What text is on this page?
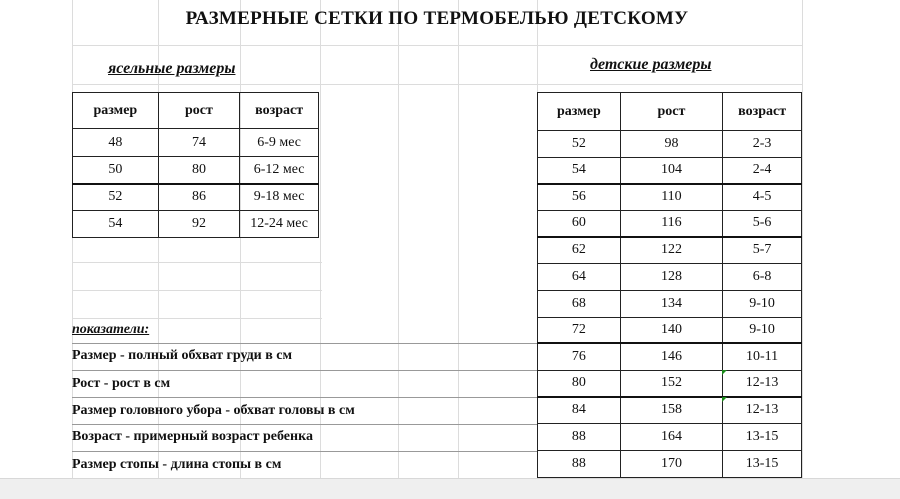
РАЗМЕРНЫЕ СЕТКИ ПО ТЕРМОБЕЛЬЮ ДЕТСКОМУ
ясельные размеры	детские размеры
размер	рост	возраст
48	74	6-9 мес
50	80	6-12 мес
52	86	9-18 мес
54	92	12-24 мес
размер	рост	возраст
52	98	2-3
54	104	2-4
56	110	4-5
60	116	5-6
62	122	5-7
64	128	6-8
68	134	9-10
72	140	9-10
76	146	10-11
80	152	12-13
84	158	12-13
88	164	13-15
88	170	13-15
показатели:
Размер - полный обхват груди в см
Рост - рост в см
Размер головного убора - обхват головы в см
Возраст - примерный возраст ребенка
Размер стопы - длина стопы в см
